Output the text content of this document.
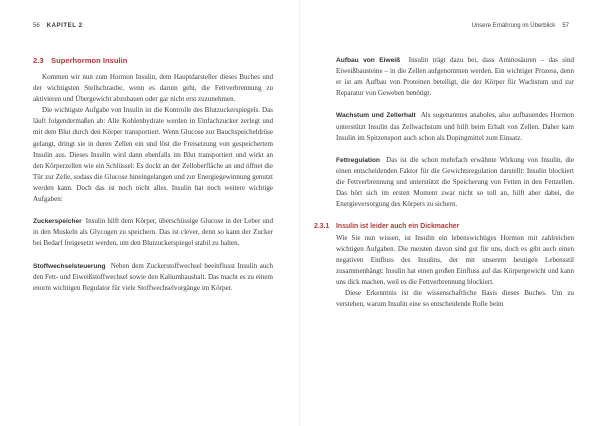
56 KAPITEL 2
2.3 Superhormon Insulin

Kommen wir nun zum Hormon Insulin, dem Hauptdarsteller dieses Buches und der wichtigsten Stellschraube, wenn es darum geht, die Fettverbrennung zu aktivieren und Übergewicht abzubauen oder gar nicht erst zuzunehmen.

Die wichtigste Aufgabe von Insulin ist die Kontrolle des Blutzuckerspiegels. Das läuft folgendermaßen ab: Alle Kohlenhydrate werden in Einfachzucker zerlegt und mit dem Blut durch den Körper transportiert. Wenn Glucose zur Bauchspeicheldrüse gelangt, dringt sie in deren Zellen ein und löst die Freisetzung von gespeichertem Insulin aus. Dieses Insulin wird dann ebenfalls im Blut transportiert und wirkt an den Körperzellen wie ein Schlüssel: Es dockt an der Zelloberfläche an und öffnet die Tür zur Zelle, sodass die Glucose hineingelangen und zur Energiegewinnung genutzt werden kann. Doch das ist noch nicht alles. Insulin hat noch weitere wichtige Aufgaben:

Zuckerspeicher Insulin hilft dem Körper, überschüssige Glucose in der Leber und in den Muskeln als Glycogen zu speichern. Das ist clever, denn so kann der Zucker bei Bedarf freigesetzt werden, um den Blutzuckerspiegel stabil zu halten.

Stoffwechselsteuerung Neben dem Zuckerstoffwechsel beeinflusst Insulin auch den Fett- und Eiweißstoffwechsel sowie den Kaliumhaushalt. Das macht es zu einem enorm wichtigen Regulator für viele Stoffwechselvorgänge im Körper.

Unsere Ernährung im Überblick 57

Aufbau von Eiweiß Insulin trägt dazu bei, dass Aminosäuren – das sind Eiweißbausteine – in die Zellen aufgenommen werden. Ein wichtiger Prozess, denn er ist am Aufbau von Proteinen beteiligt, die der Körper für Wachstum und zur Reparatur von Geweben benötigt.

Wachstum und Zellerhalt Als sogenanntes anaboles, also aufbauendes Hormon unterstützt Insulin das Zellwachstum und hilft beim Erhalt von Zellen. Daher kam Insulin im Spitzensport auch schon als Dopingmittel zum Einsatz.

Fettregulation Das ist die schon mehrfach erwähnte Wirkung von Insulin, die einen entscheidenden Faktor für die Gewichtsregulation darstellt: Insulin blockiert die Fettverbrennung und unterstützt die Speicherung von Fetten in den Fettzellen. Das hört sich im ersten Moment zwar nicht so toll an, hilft aber dabei, die Energieversorgung des Körpers zu sichern.

2.3.1 Insulin ist leider auch ein Dickmacher

Wie Sie nun wissen, ist Insulin ein lebenswichtiges Hormon mit zahlreichen wichtigen Aufgaben. Die meisten davon sind gut für uns, doch es gibt auch einen negativen Einfluss des Insulins, der mit unserem heutigen Lebensstil zusammenhängt: Insulin hat einen großen Einfluss auf das Körpergewicht und kann uns dick machen, weil es die Fettverbrennung blockiert.

Diese Erkenntnis ist die wissenschaftliche Basis dieses Buches. Um zu verstehen, warum Insulin eine so entscheidende Rolle beim
